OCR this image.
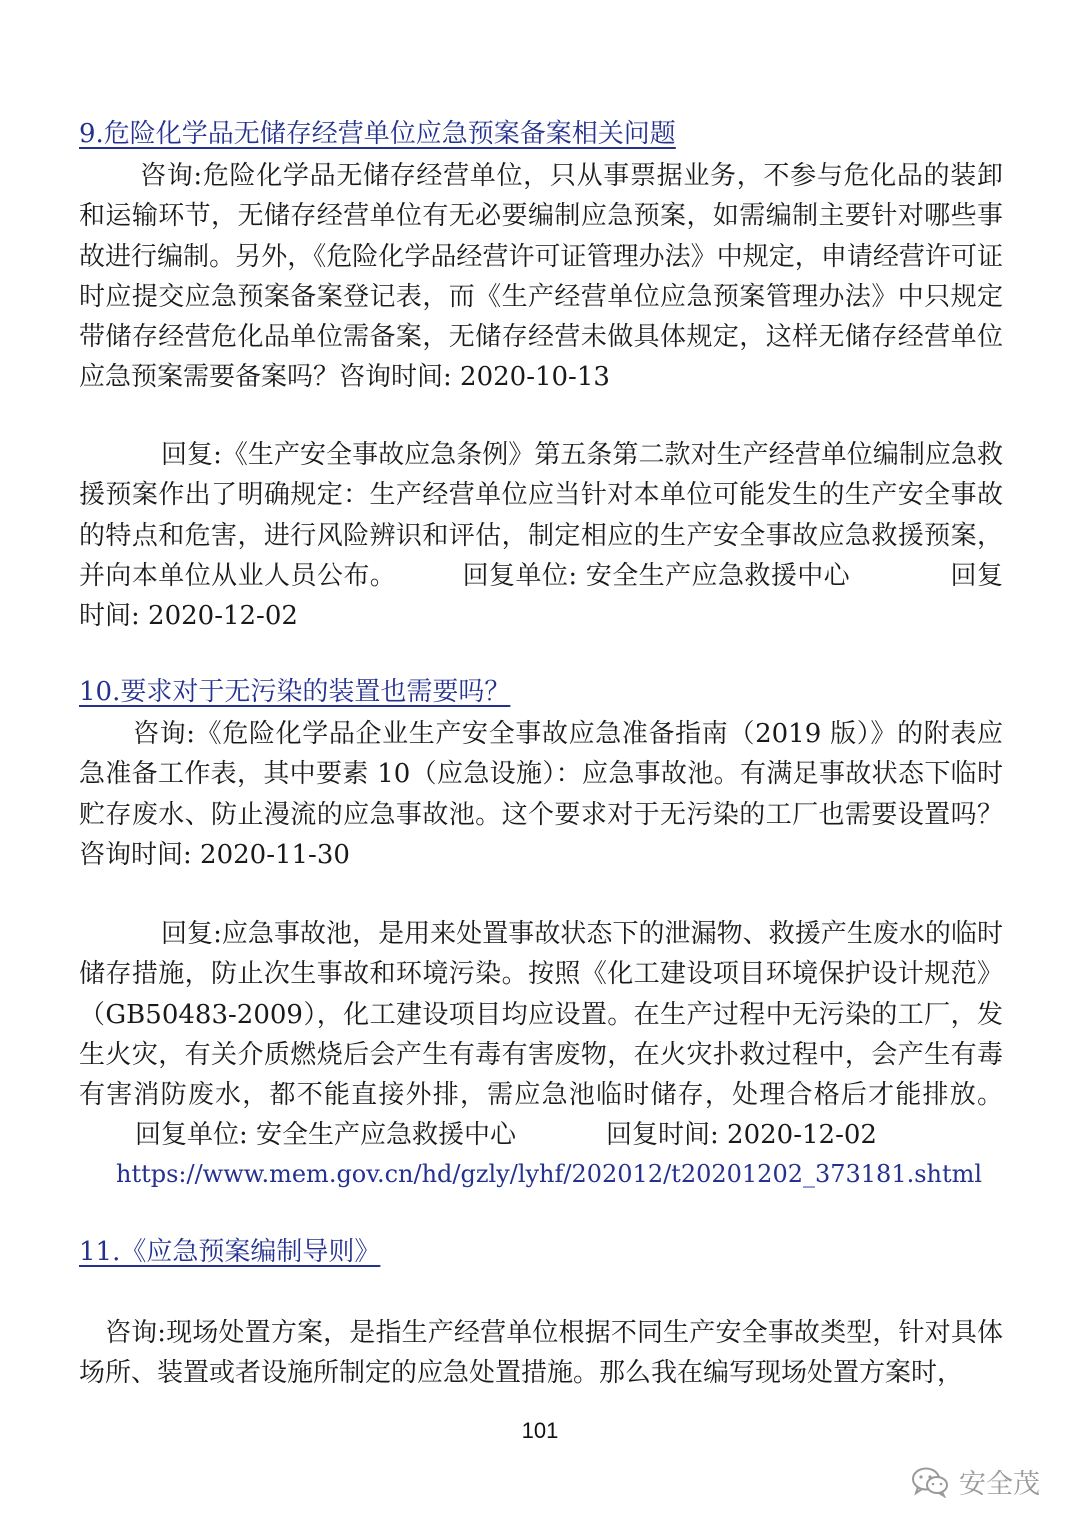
9.危险化学品无储存经营单位应急预案备案相关问题

咨询:危险化学品无储存经营单位，只从事票据业务，不参与危化品的装卸和运输环节，无储存经营单位有无必要编制应急预案，如需编制主要针对哪些事故进行编制。另外，《危险化学品经营许可证管理办法》中规定，申请经营许可证时应提交应急预案备案登记表，而《生产经营单位应急预案管理办法》中只规定带储存经营危化品单位需备案，无储存经营未做具体规定，这样无储存经营单位应急预案需要备案吗？咨询时间: 2020-10-13

回复:《生产安全事故应急条例》第五条第二款对生产经营单位编制应急救援预案作出了明确规定：生产经营单位应当针对本单位可能发生的生产安全事故的特点和危害，进行风险辨识和评估，制定相应的生产安全事故应急救援预案，并向本单位从业人员公布。	回复单位: 安全生产应急救援中心	回复时间: 2020-12-02

10.要求对于无污染的装置也需要吗？

咨询:《危险化学品企业生产安全事故应急准备指南（2019 版）》的附表应急准备工作表，其中要素 10（应急设施）：应急事故池。有满足事故状态下临时贮存废水、防止漫流的应急事故池。这个要求对于无污染的工厂也需要设置吗？咨询时间: 2020-11-30

回复:应急事故池，是用来处置事故状态下的泄漏物、救援产生废水的临时储存措施，防止次生事故和环境污染。按照《化工建设项目环境保护设计规范》（GB50483-2009），化工建设项目均应设置。在生产过程中无污染的工厂，发生火灾，有关介质燃烧后会产生有毒有害废物，在火灾扑救过程中，会产生有毒有害消防废水，都不能直接外排，需应急池临时储存，处理合格后才能排放。回复单位: 安全生产应急救援中心	回复时间: 2020-12-02

https://www.mem.gov.cn/hd/gzly/lyhf/202012/t20201202_373181.shtml
11.《应急预案编制导则》

咨询:现场处置方案，是指生产经营单位根据不同生产安全事故类型，针对具体场所、装置或者设施所制定的应急处置措施。那么我在编写现场处置方案时，

101
安全茂
